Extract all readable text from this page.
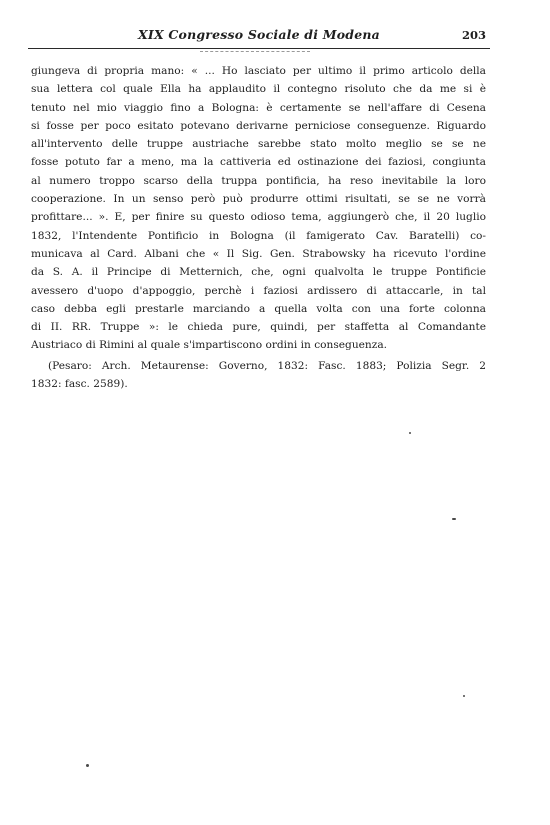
XIX Congresso Sociale di Modena	203
giungeva di propria mano: « ... Ho lasciato per ultimo il primo articolo della
sua lettera col quale Ella ha applaudito il contegno risoluto che da me si è
tenuto nel mio viaggio fino a Bologna: è certamente se nell'affare di Cesena
si fosse per poco esitato potevano derivarne perniciose conseguenze. Riguardo
all'intervento delle truppe austriache sarebbe stato molto meglio se se ne
fosse potuto far a meno, ma la cattiveria ed ostinazione dei faziosi, congiunta
al numero troppo scarso della truppa pontificia, ha reso inevitabile la loro
cooperazione. In un senso però può produrre ottimi risultati, se se ne vorrà
profittare... ». E, per finire su questo odioso tema, aggiungerò che, il 20 luglio
1832, l'Intendente Pontificio in Bologna (il famigerato Cav. Baratelli) co-
municava al Card. Albani che « Il Sig. Gen. Strabowsky ha ricevuto l'ordine
da S. A. il Principe di Metternich, che, ogni qualvolta le truppe Pontificie
avessero d'uopo d'appoggio, perchè i faziosi ardissero di attaccarle, in tal
caso debba egli prestarle marciando a quella volta con una forte colonna
di II. RR. Truppe »: le chieda pure, quindi, per staffetta al Comandante
Austriaco di Rimini al quale s'impartiscono ordini in conseguenza.
(Pesaro: Arch. Metaurense: Governo, 1832: Fasc. 1883; Polizia Segr. 2
1832: fasc. 2589).
